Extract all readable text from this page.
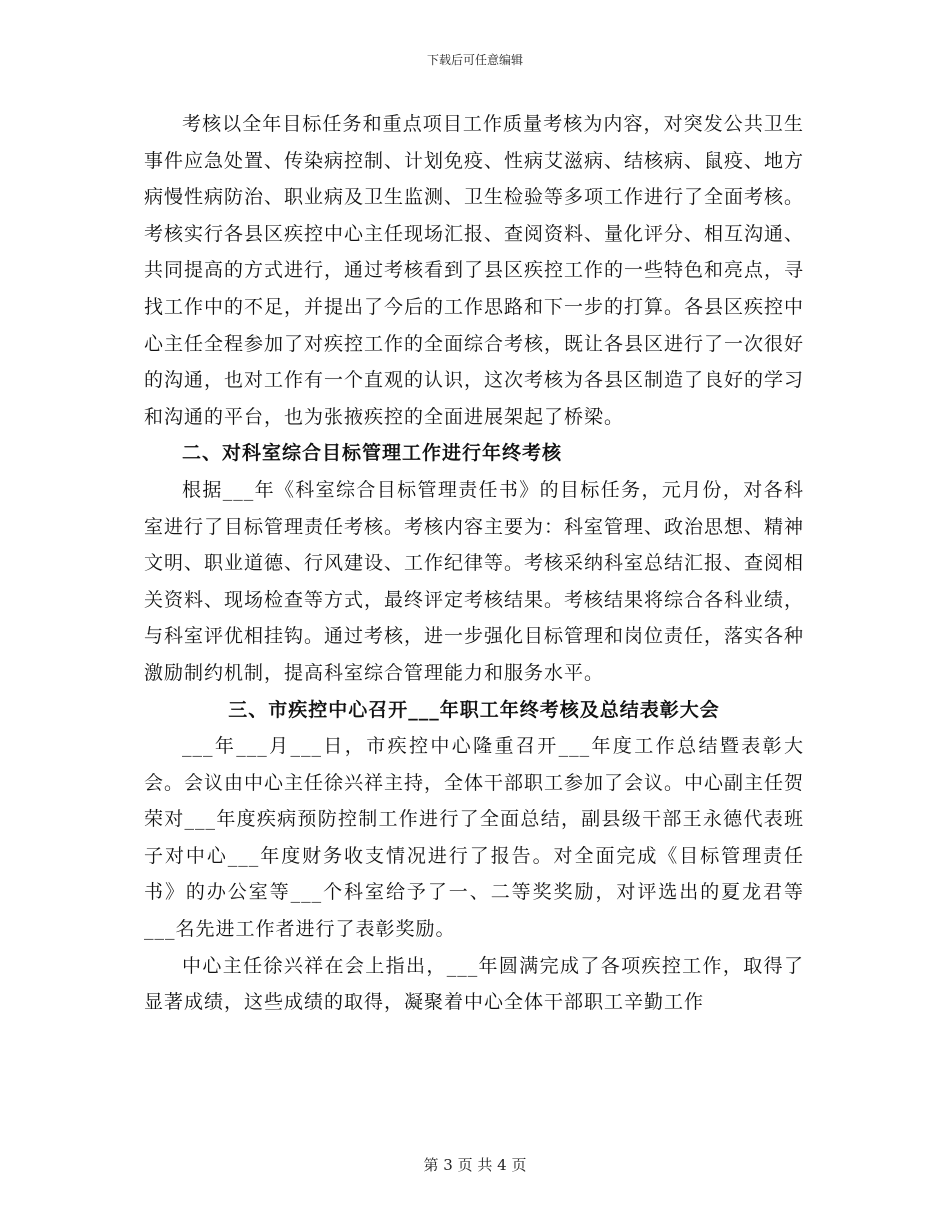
下载后可任意编辑

考核以全年目标任务和重点项目工作质量考核为内容，对突发公共卫生事件应急处置、传染病控制、计划免疫、性病艾滋病、结核病、鼠疫、地方病慢性病防治、职业病及卫生监测、卫生检验等多项工作进行了全面考核。考核实行各县区疾控中心主任现场汇报、查阅资料、量化评分、相互沟通、共同提高的方式进行，通过考核看到了县区疾控工作的一些特色和亮点，寻找工作中的不足，并提出了今后的工作思路和下一步的打算。各县区疾控中心主任全程参加了对疾控工作的全面综合考核，既让各县区进行了一次很好的沟通，也对工作有一个直观的认识，这次考核为各县区制造了良好的学习和沟通的平台，也为张掖疾控的全面进展架起了桥梁。

二、对科室综合目标管理工作进行年终考核

根据___年《科室综合目标管理责任书》的目标任务，元月份，对各科室进行了目标管理责任考核。考核内容主要为：科室管理、政治思想、精神文明、职业道德、行风建设、工作纪律等。考核采纳科室总结汇报、查阅相关资料、现场检查等方式，最终评定考核结果。考核结果将综合各科业绩，与科室评优相挂钩。通过考核，进一步强化目标管理和岗位责任，落实各种激励制约机制，提高科室综合管理能力和服务水平。

三、市疾控中心召开___年职工年终考核及总结表彰大会

___年___月___日，市疾控中心隆重召开___年度工作总结暨表彰大会。会议由中心主任徐兴祥主持，全体干部职工参加了会议。中心副主任贺荣对___年度疾病预防控制工作进行了全面总结，副县级干部王永德代表班子对中心___年度财务收支情况进行了报告。对全面完成《目标管理责任书》的办公室等___个科室给予了一、二等奖奖励，对评选出的夏龙君等___名先进工作者进行了表彰奖励。

中心主任徐兴祥在会上指出，___年圆满完成了各项疾控工作，取得了显著成绩，这些成绩的取得，凝聚着中心全体干部职工辛勤工作

第 3 页 共 4 页
